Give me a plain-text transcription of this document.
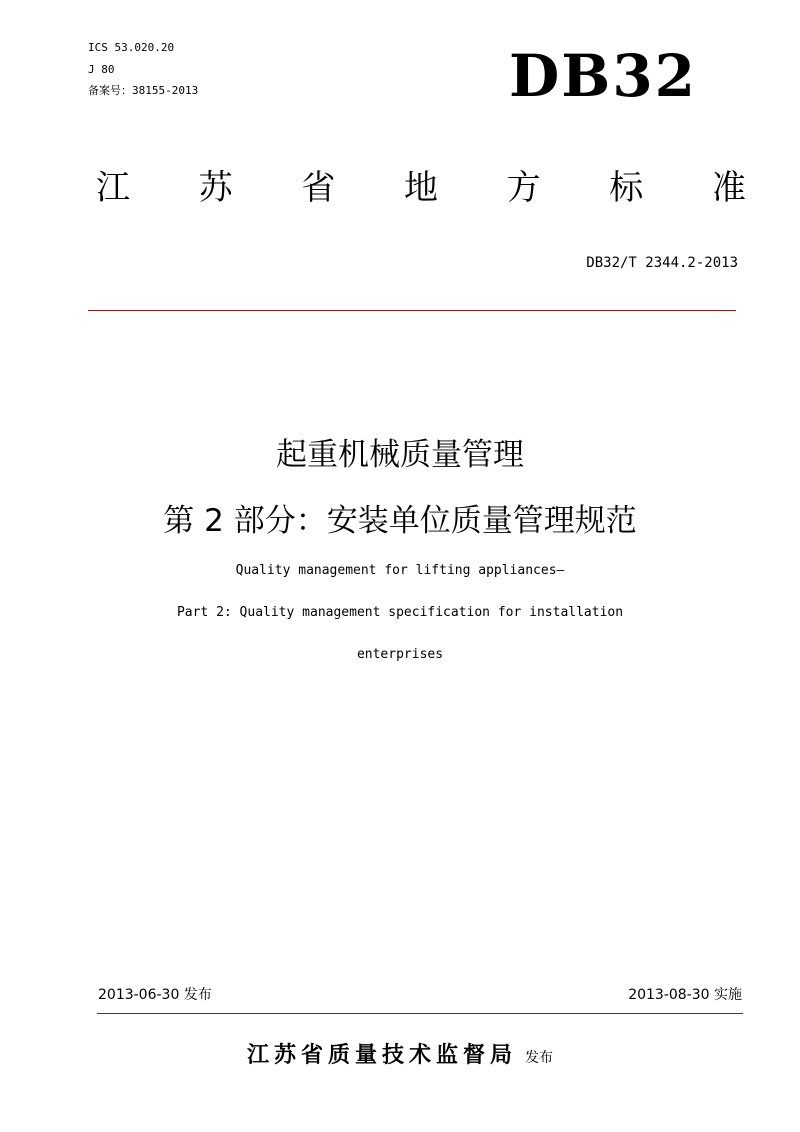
ICS 53.020.20
J 80
备案号：38155-2013	DB32
江 苏 省 地 方 标 准
DB32/T 2344.2-2013
起重机械质量管理
第 2 部分：安装单位质量管理规范
Quality management for lifting appliances—
Part 2: Quality management specification for installation
enterprises
2013-06-30 发布	2013-08-30 实施
江苏省质量技术监督局 发布
